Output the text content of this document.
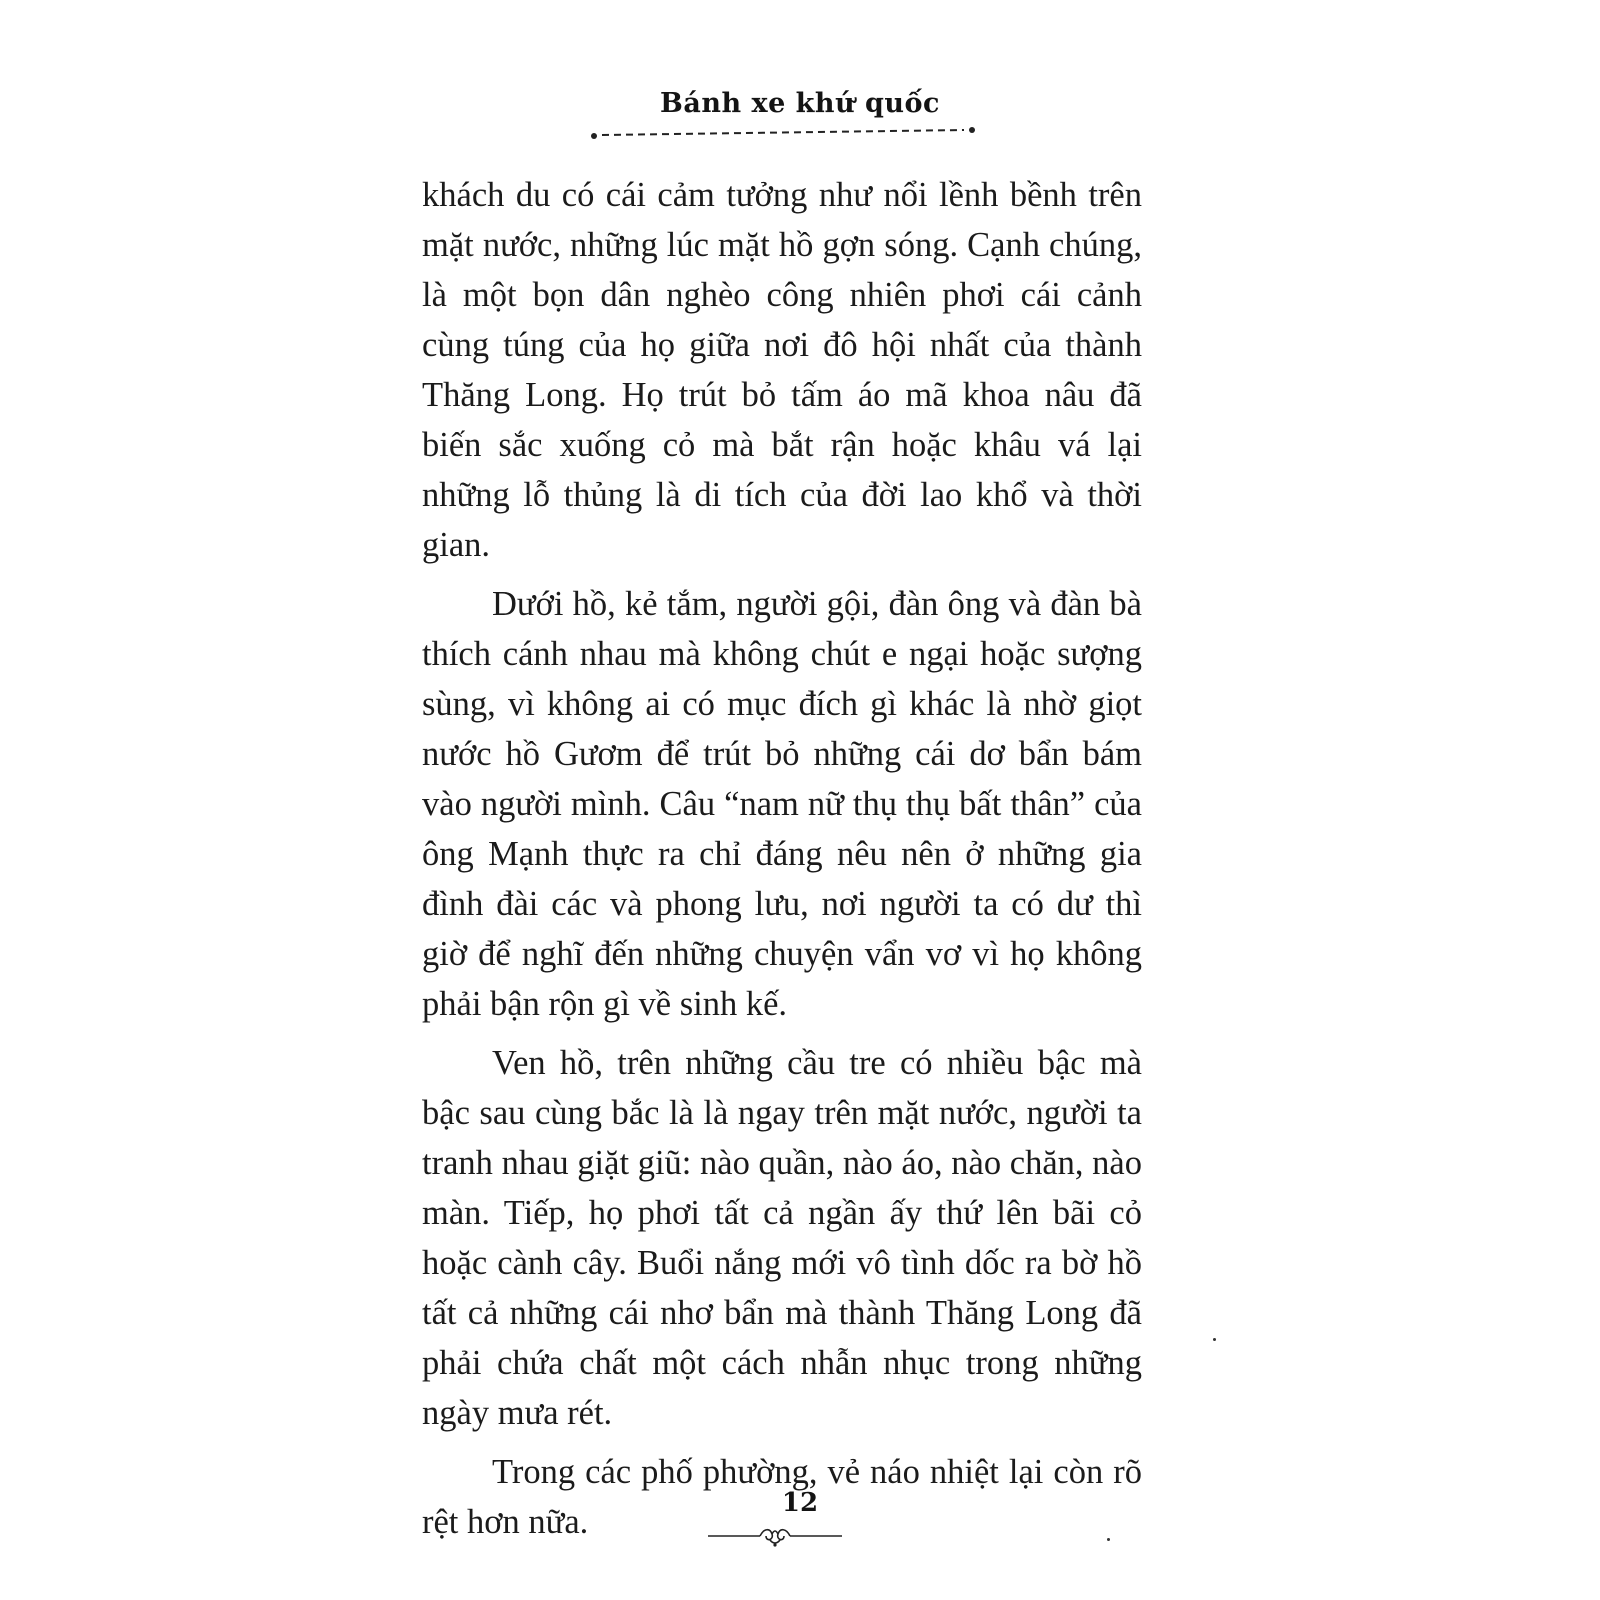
Bánh xe khứ quốc

khách du có cái cảm tưởng như nổi lềnh bềnh trên mặt nước, những lúc mặt hồ gợn sóng. Cạnh chúng, là một bọn dân nghèo công nhiên phơi cái cảnh cùng túng của họ giữa nơi đô hội nhất của thành Thăng Long. Họ trút bỏ tấm áo mã khoa nâu đã biến sắc xuống cỏ mà bắt rận hoặc khâu vá lại những lỗ thủng là di tích của đời lao khổ và thời gian.

Dưới hồ, kẻ tắm, người gội, đàn ông và đàn bà thích cánh nhau mà không chút e ngại hoặc sượng sùng, vì không ai có mục đích gì khác là nhờ giọt nước hồ Gươm để trút bỏ những cái dơ bẩn bám vào người mình. Câu “nam nữ thụ thụ bất thân” của ông Mạnh thực ra chỉ đáng nêu nên ở những gia đình đài các và phong lưu, nơi người ta có dư thì giờ để nghĩ đến những chuyện vẩn vơ vì họ không phải bận rộn gì về sinh kế.

Ven hồ, trên những cầu tre có nhiều bậc mà bậc sau cùng bắc là là ngay trên mặt nước, người ta tranh nhau giặt giũ: nào quần, nào áo, nào chăn, nào màn. Tiếp, họ phơi tất cả ngần ấy thứ lên bãi cỏ hoặc cành cây. Buổi nắng mới vô tình dốc ra bờ hồ tất cả những cái nhơ bẩn mà thành Thăng Long đã phải chứa chất một cách nhẫn nhục trong những ngày mưa rét.

Trong các phố phường, vẻ náo nhiệt lại còn rõ rệt hơn nữa.	12
